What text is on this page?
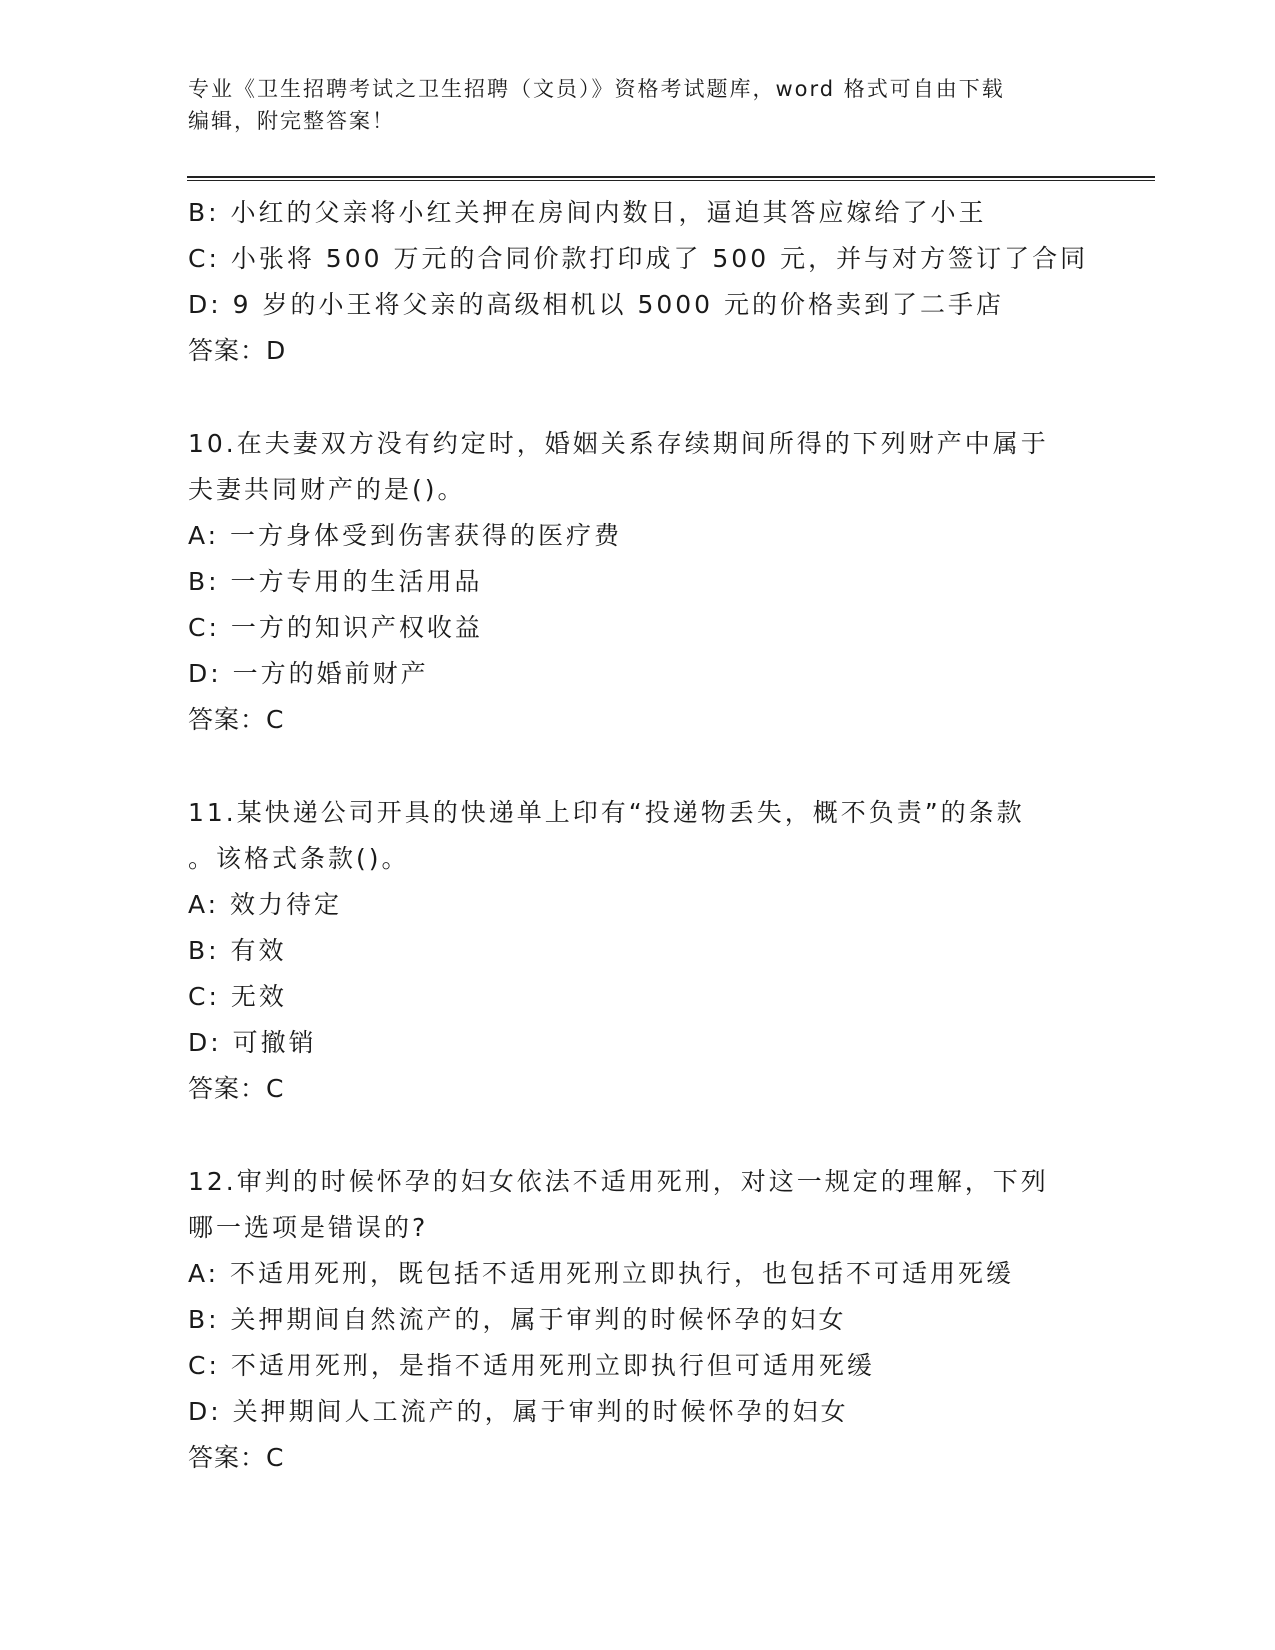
专业《卫生招聘考试之卫生招聘（文员）》资格考试题库，word 格式可自由下载
编辑，附完整答案！
B: 小红的父亲将小红关押在房间内数日，逼迫其答应嫁给了小王
C: 小张将 500 万元的合同价款打印成了 500 元，并与对方签订了合同
D: 9 岁的小王将父亲的高级相机以 5000 元的价格卖到了二手店
答案：D
10.在夫妻双方没有约定时，婚姻关系存续期间所得的下列财产中属于
夫妻共同财产的是()。
A: 一方身体受到伤害获得的医疗费
B: 一方专用的生活用品
C: 一方的知识产权收益
D: 一方的婚前财产
答案：C
11.某快递公司开具的快递单上印有“投递物丢失，概不负责”的条款
。该格式条款()。
A: 效力待定
B: 有效
C: 无效
D: 可撤销
答案：C
12.审判的时候怀孕的妇女依法不适用死刑，对这一规定的理解，下列
哪一选项是错误的?
A: 不适用死刑，既包括不适用死刑立即执行，也包括不可适用死缓
B: 关押期间自然流产的，属于审判的时候怀孕的妇女
C: 不适用死刑，是指不适用死刑立即执行但可适用死缓
D: 关押期间人工流产的，属于审判的时候怀孕的妇女
答案：C
